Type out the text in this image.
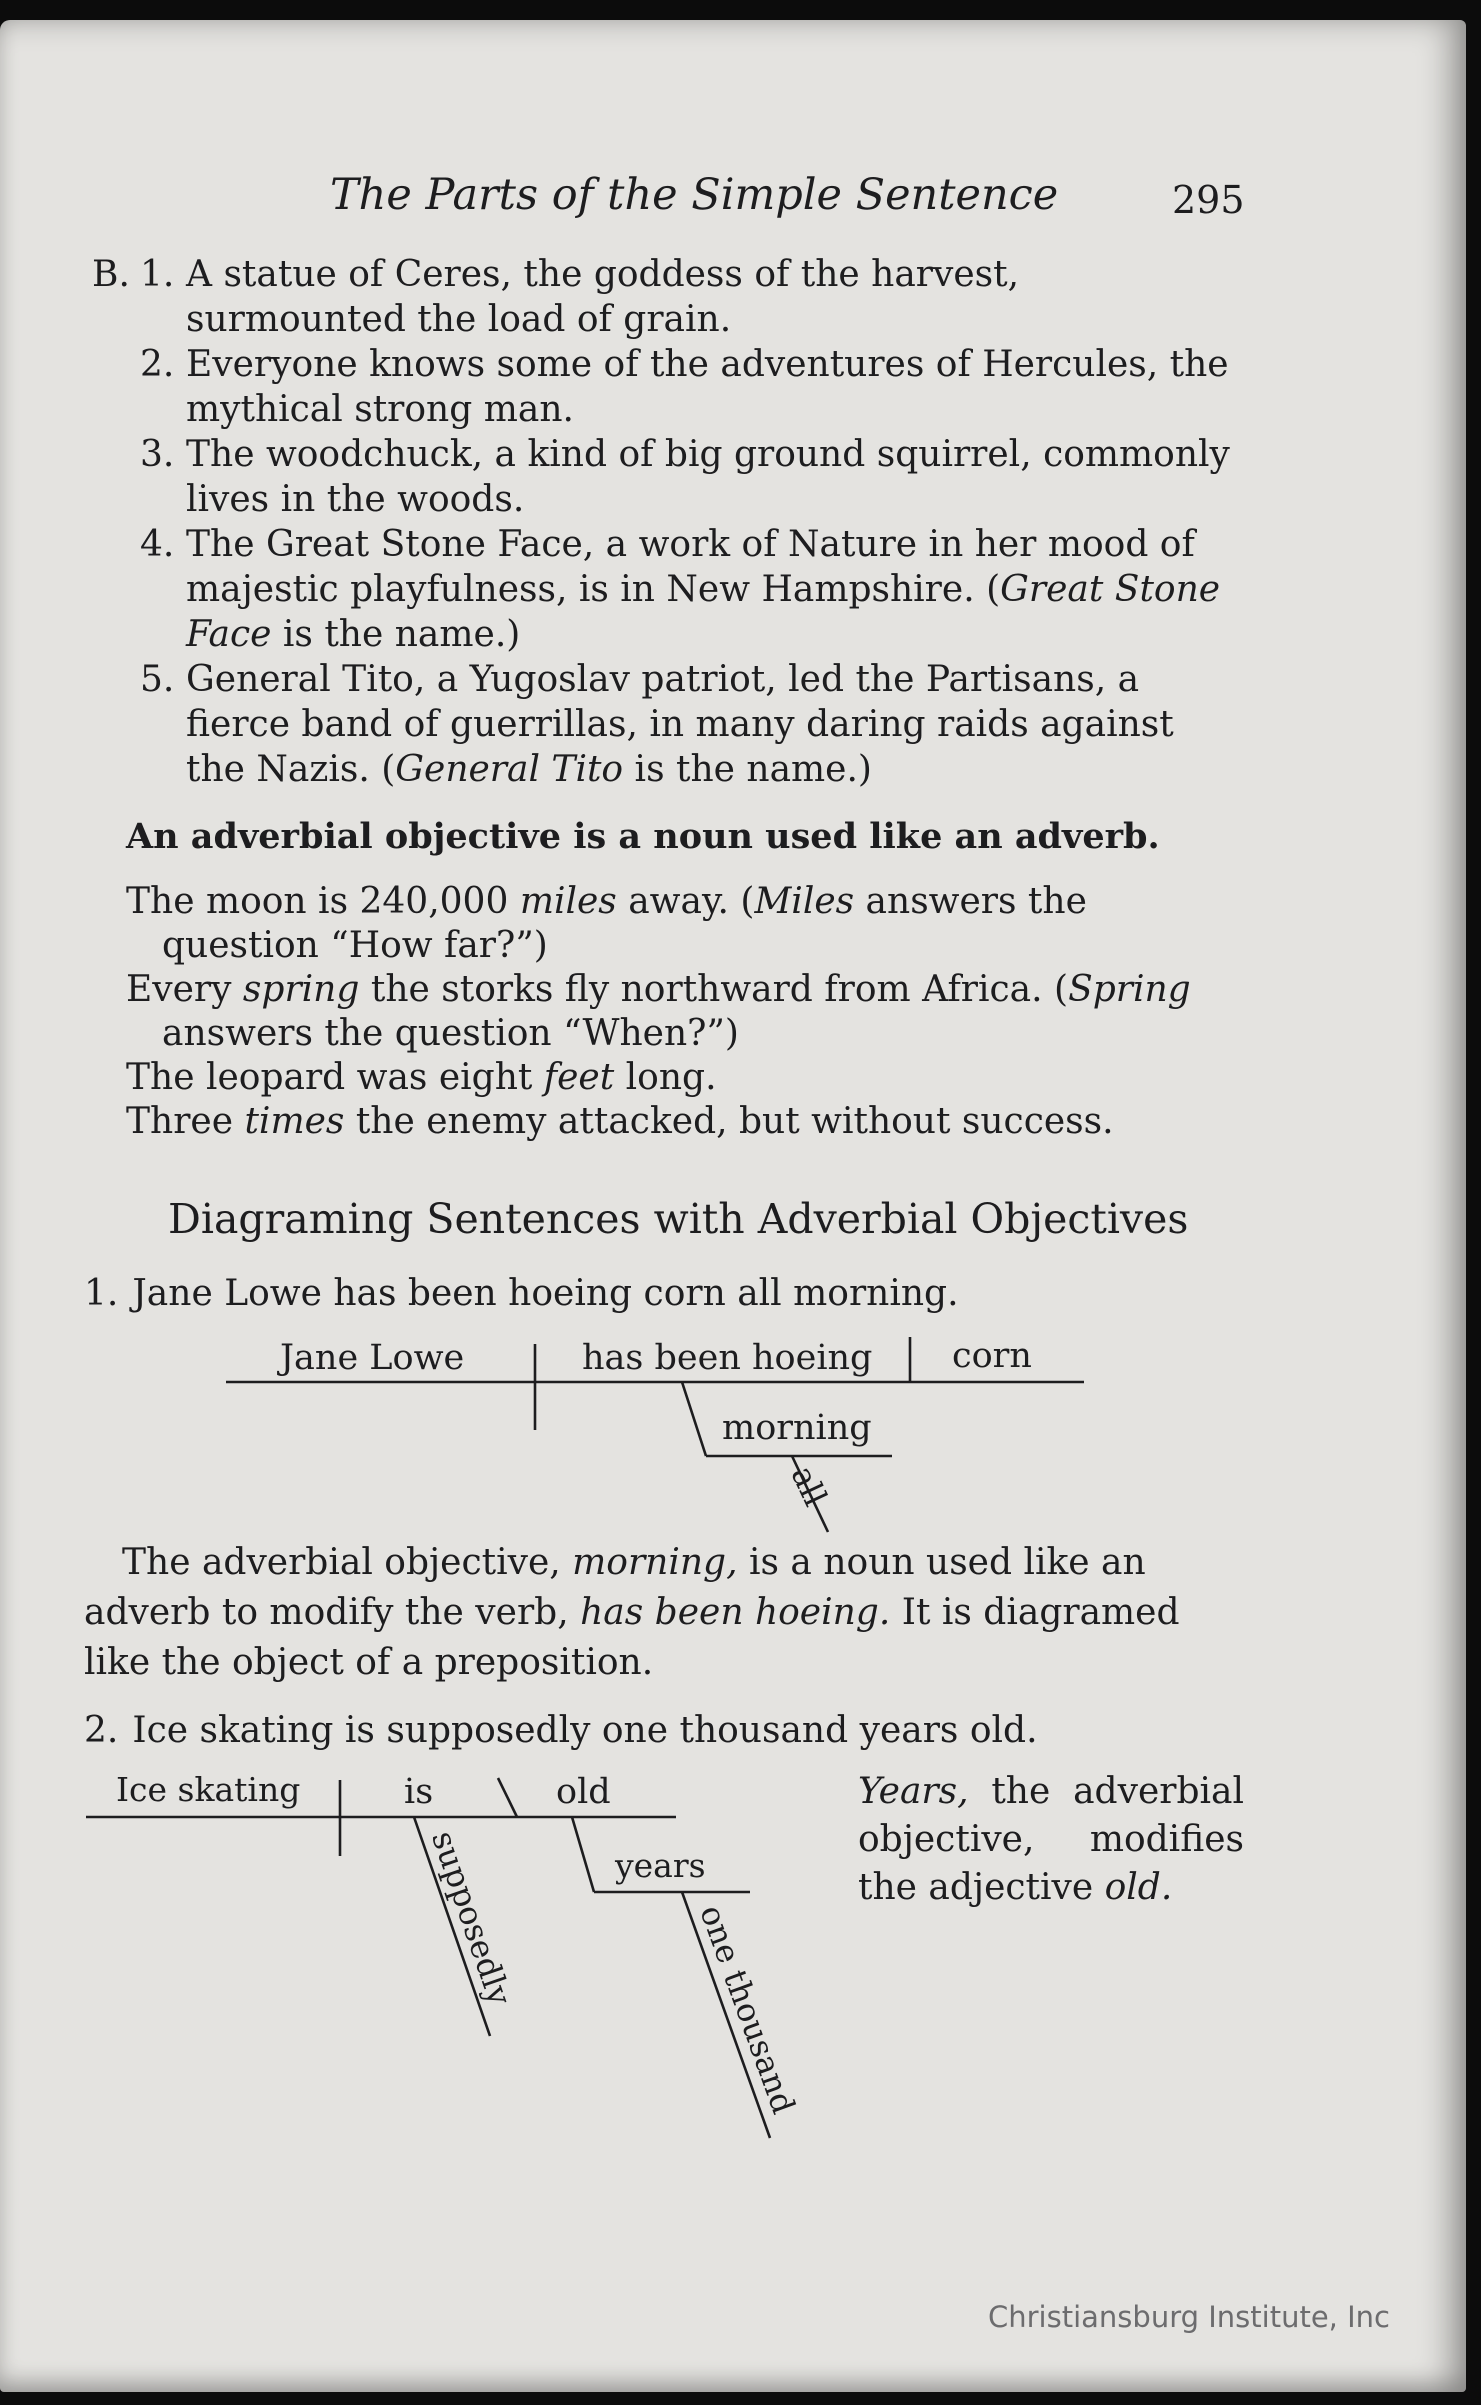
The Parts of the Simple Sentence	295
B. 1. A statue of Ceres, the goddess of the harvest, surmounted the load of grain.
2. Everyone knows some of the adventures of Hercules, the mythical strong man.
3. The woodchuck, a kind of big ground squirrel, commonly lives in the woods.
4. The Great Stone Face, a work of Nature in her mood of majestic playfulness, is in New Hampshire. (Great Stone Face is the name.)
5. General Tito, a Yugoslav patriot, led the Partisans, a fierce band of guerrillas, in many daring raids against the Nazis. (General Tito is the name.)
An adverbial objective is a noun used like an adverb.
The moon is 240,000 miles away. (Miles answers the question “How far?”)
Every spring the storks fly northward from Africa. (Spring answers the question “When?”)
The leopard was eight feet long.
Three times the enemy attacked, but without success.
Diagraming Sentences with Adverbial Objectives
1. Jane Lowe has been hoeing corn all morning.
Jane Lowe	has been hoeing corn
morning
all
The adverbial objective, morning, is a noun used like an adverb to modify the verb, has been hoeing. It is diagramed like the object of a preposition.
2. Ice skating is supposedly one thousand years old.
Ice skating	is	old
supposedly	years
one thousand
Years, the adverbial objective, modifies the adjective old.
Christiansburg Institute, Inc
